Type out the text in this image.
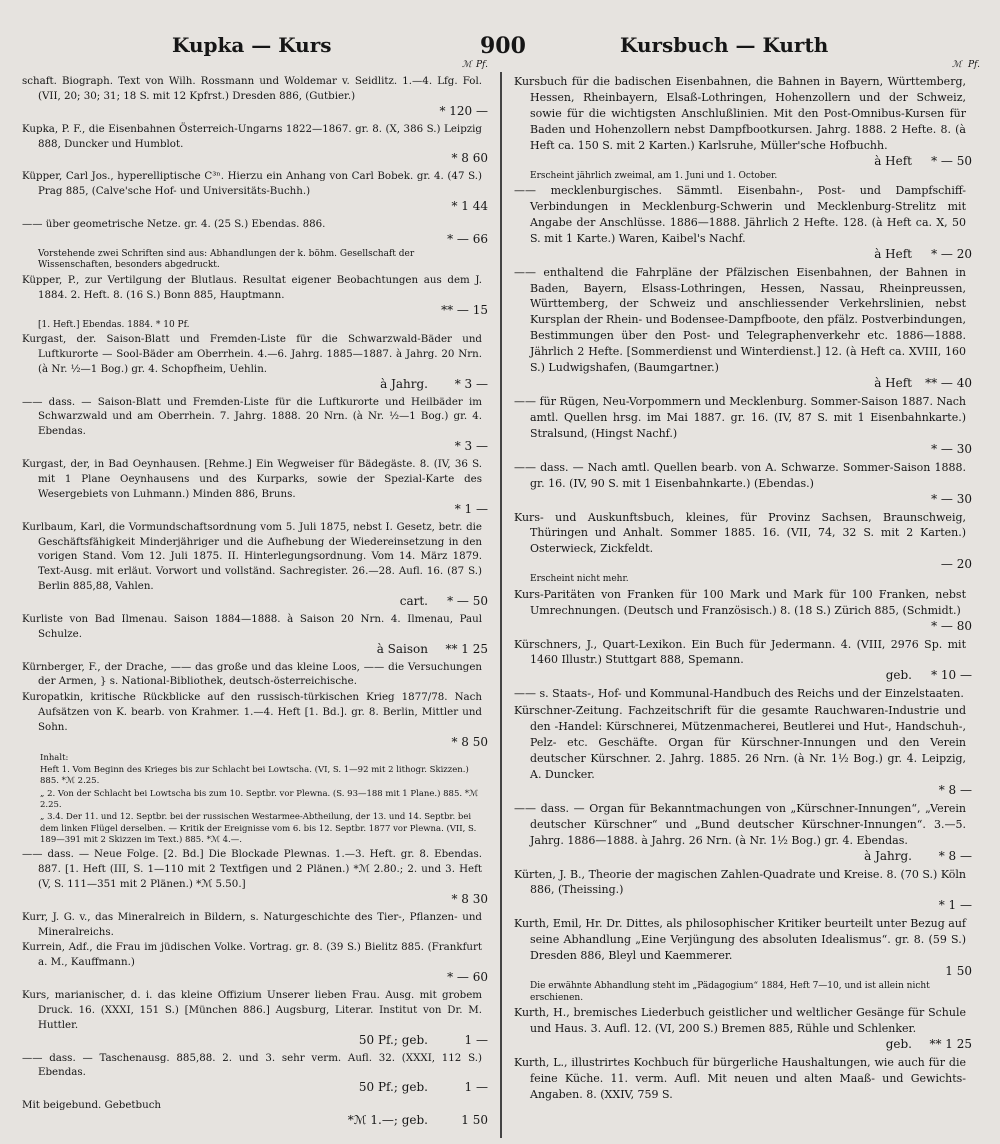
Kupka — Kurs	900	Kursbuch — Kurth
ℳ Pf.
schaft. Biograph. Text von Wilh. Rossmann und Woldemar v. Seidlitz. 1.—4. Lfg. Fol. (VII, 20; 30; 31; 18 S. mit 12 Kpfrst.) Dresden 886, (Gutbier.)
* 120 —
Kupka, P. F., die Eisenbahnen Österreich-Ungarns 1822—1867. gr. 8. (X, 386 S.) Leipzig 888, Duncker und Humblot.
* 8 60
Küpper, Carl Jos., hyperelliptische C³ⁿ. Hierzu ein Anhang von Carl Bobek. gr. 4. (47 S.) Prag 885, (Calve'sche Hof- und Universitäts-Buchh.)
* 1 44
—— über geometrische Netze. gr. 4. (25 S.) Ebendas. 886.
* — 66
Vorstehende zwei Schriften sind aus: Abhandlungen der k. böhm. Gesellschaft der Wissenschaften, besonders abgedruckt.
Küpper, P., zur Vertilgung der Blutlaus. Resultat eigener Beobachtungen aus dem J. 1884. 2. Heft. 8. (16 S.) Bonn 885, Hauptmann.
** — 15
[1. Heft.] Ebendas. 1884. * 10 Pf.
Kurgast, der. Saison-Blatt und Fremden-Liste für die Schwarzwald-Bäder und Luftkurorte — Sool-Bäder am Oberrhein. 4.—6. Jahrg. 1885—1887. à Jahrg. 20 Nrn. (à Nr. ½—1 Bog.) gr. 4. Schopfheim, Uehlin.
à Jahrg. * 3 —
—— dass. — Saison-Blatt und Fremden-Liste für die Luftkurorte und Heilbäder im Schwarzwald und am Oberrhein. 7. Jahrg. 1888. 20 Nrn. (à Nr. ½—1 Bog.) gr. 4. Ebendas.
* 3 —
Kurgast, der, in Bad Oeynhausen. [Rehme.] Ein Wegweiser für Bädegäste. 8. (IV, 36 S. mit 1 Plane Oeynhausens und des Kurparks, sowie der Spezial-Karte des Wesergebiets von Luhmann.) Minden 886, Bruns.
* 1 —
Kurlbaum, Karl, die Vormundschaftsordnung vom 5. Juli 1875, nebst I. Gesetz, betr. die Geschäftsfähigkeit Minderjähriger und die Aufhebung der Wiedereinsetzung in den vorigen Stand. Vom 12. Juli 1875. II. Hinterlegungsordnung. Vom 14. März 1879. Text-Ausg. mit erläut. Vorwort und vollständ. Sachregister. 26.—28. Aufl. 16. (87 S.) Berlin 885,88, Vahlen.
cart. * — 50
Kurliste von Bad Ilmenau. Saison 1884—1888. à Saison 20 Nrn. 4. Ilmenau, Paul Schulze.
à Saison ** 1 25
Kürnberger, F., der Drache, —— das große und das kleine Loos, —— die Versuchungen der Armen, } s. National-Bibliothek, deutsch-österreichische.
Kuropatkin, kritische Rückblicke auf den russisch-türkischen Krieg 1877/78. Nach Aufsätzen von K. bearb. von Krahmer. 1.—4. Heft [1. Bd.]. gr. 8. Berlin, Mittler und Sohn.
* 8 50
Inhalt:
Heft 1. Vom Beginn des Krieges bis zur Schlacht bei Lowtscha. (VI, S. 1—92 mit 2 lithogr. Skizzen.) 885. *ℳ 2.25.
„ 2. Von der Schlacht bei Lowtscha bis zum 10. Septbr. vor Plewna. (S. 93—188 mit 1 Plane.) 885. *ℳ 2.25.
„ 3.4. Der 11. und 12. Septbr. bei der russischen Westarmee-Abtheilung, der 13. und 14. Septbr. bei dem linken Flügel derselben. — Kritik der Ereignisse vom 6. bis 12. Septbr. 1877 vor Plewna. (VII, S. 189—391 mit 2 Skizzen im Text.) 885. *ℳ 4.—.
—— dass. — Neue Folge. [2. Bd.] Die Blockade Plewnas. 1.—3. Heft. gr. 8. Ebendas. 887. [1. Heft (III, S. 1—110 mit 2 Textfigen und 2 Plänen.) *ℳ 2.80.; 2. und 3. Heft (V, S. 111—351 mit 2 Plänen.) *ℳ 5.50.]
* 8 30
Kurr, J. G. v., das Mineralreich in Bildern, s. Naturgeschichte des Tier-, Pflanzen- und Mineralreichs.
Kurrein, Adf., die Frau im jüdischen Volke. Vortrag. gr. 8. (39 S.) Bielitz 885. (Frankfurt a. M., Kauffmann.)
* — 60
Kurs, marianischer, d. i. das kleine Offizium Unserer lieben Frau. Ausg. mit grobem Druck. 16. (XXXI, 151 S.) [München 886.] Augsburg, Literar. Institut von Dr. M. Huttler.
50 Pf.; geb.	1 —
—— dass. — Taschenausg. 885,88. 2. und 3. sehr verm. Aufl. 32. (XXXI, 112 S.) Ebendas.
50 Pf.; geb.	1 —
Mit beigebund. Gebetbuch
*ℳ 1.—; geb.	1 50
ℳ Pf.
Kursbuch für die badischen Eisenbahnen, die Bahnen in Bayern, Württemberg, Hessen, Rheinbayern, Elsaß-Lothringen, Hohenzollern und der Schweiz, sowie für die wichtigsten Anschlußlinien. Mit den Post-Omnibus-Kursen für Baden und Hohenzollern nebst Dampfbootkursen. Jahrg. 1888. 2 Hefte. 8. (à Heft ca. 150 S. mit 2 Karten.) Karlsruhe, Müller'sche Hofbuchh.
à Heft * — 50
Erscheint jährlich zweimal, am 1. Juni und 1. October.
—— mecklenburgisches. Sämmtl. Eisenbahn-, Post- und Dampfschiff-Verbindungen in Mecklenburg-Schwerin und Mecklenburg-Strelitz mit Angabe der Anschlüsse. 1886—1888. Jährlich 2 Hefte. 128. (à Heft ca. X, 50 S. mit 1 Karte.) Waren, Kaibel's Nachf.
à Heft * — 20
—— enthaltend die Fahrpläne der Pfälzischen Eisenbahnen, der Bahnen in Baden, Bayern, Elsass-Lothringen, Hessen, Nassau, Rheinpreussen, Württemberg, der Schweiz und anschliessender Verkehrslinien, nebst Kursplan der Rhein- und Bodensee-Dampfboote, den pfälz. Postverbindungen, Bestimmungen über den Post- und Telegraphenverkehr etc. 1886—1888. Jährlich 2 Hefte. [Sommerdienst und Winterdienst.] 12. (à Heft ca. XVIII, 160 S.) Ludwigshafen, (Baumgartner.)
à Heft ** — 40
—— für Rügen, Neu-Vorpommern und Mecklenburg. Sommer-Saison 1887. Nach amtl. Quellen hrsg. im Mai 1887. gr. 16. (IV, 87 S. mit 1 Eisenbahnkarte.) Stralsund, (Hingst Nachf.)
* — 30
—— dass. — Nach amtl. Quellen bearb. von A. Schwarze. Sommer-Saison 1888. gr. 16. (IV, 90 S. mit 1 Eisenbahnkarte.) (Ebendas.)
* — 30
Kurs- und Auskunftsbuch, kleines, für Provinz Sachsen, Braunschweig, Thüringen und Anhalt. Sommer 1885. 16. (VII, 74, 32 S. mit 2 Karten.) Osterwieck, Zickfeldt.
— 20
Erscheint nicht mehr.
Kurs-Paritäten von Franken für 100 Mark und Mark für 100 Franken, nebst Umrechnungen. (Deutsch und Französisch.) 8. (18 S.) Zürich 885, (Schmidt.)
* — 80
Kürschners, J., Quart-Lexikon. Ein Buch für Jedermann. 4. (VIII, 2976 Sp. mit 1460 Illustr.) Stuttgart 888, Spemann.
geb. * 10 —
—— s. Staats-, Hof- und Kommunal-Handbuch des Reichs und der Einzelstaaten.
Kürschner-Zeitung. Fachzeitschrift für die gesamte Rauchwaren-Industrie und den -Handel: Kürschnerei, Mützenmacherei, Beutlerei und Hut-, Handschuh-, Pelz- etc. Geschäfte. Organ für Kürschner-Innungen und den Verein deutscher Kürschner. 2. Jahrg. 1885. 26 Nrn. (à Nr. 1½ Bog.) gr. 4. Leipzig, A. Duncker.
* 8 —
—— dass. — Organ für Bekanntmachungen von „Kürschner-Innungen“, „Verein deutscher Kürschner“ und „Bund deutscher Kürschner-Innungen“. 3.—5. Jahrg. 1886—1888. à Jahrg. 26 Nrn. (à Nr. 1½ Bog.) gr. 4. Ebendas.
à Jahrg. * 8 —
Kürten, J. B., Theorie der magischen Zahlen-Quadrate und Kreise. 8. (70 S.) Köln 886, (Theissing.)
* 1 —
Kurth, Emil, Hr. Dr. Dittes, als philosophischer Kritiker beurteilt unter Bezug auf seine Abhandlung „Eine Verjüngung des absoluten Idealismus“. gr. 8. (59 S.) Dresden 886, Bleyl und Kaemmerer.
1 50
Die erwähnte Abhandlung steht im „Pädagogium“ 1884, Heft 7—10, und ist allein nicht erschienen.
Kurth, H., bremisches Liederbuch geistlicher und weltlicher Gesänge für Schule und Haus. 3. Aufl. 12. (VI, 200 S.) Bremen 885, Rühle und Schlenker.
geb. ** 1 25
Kurth, L., illustrirtes Kochbuch für bürgerliche Haushaltungen, wie auch für die feine Küche. 11. verm. Aufl. Mit neuen und alten Maaß- und Gewichts-Angaben. 8. (XXIV, 759 S.
